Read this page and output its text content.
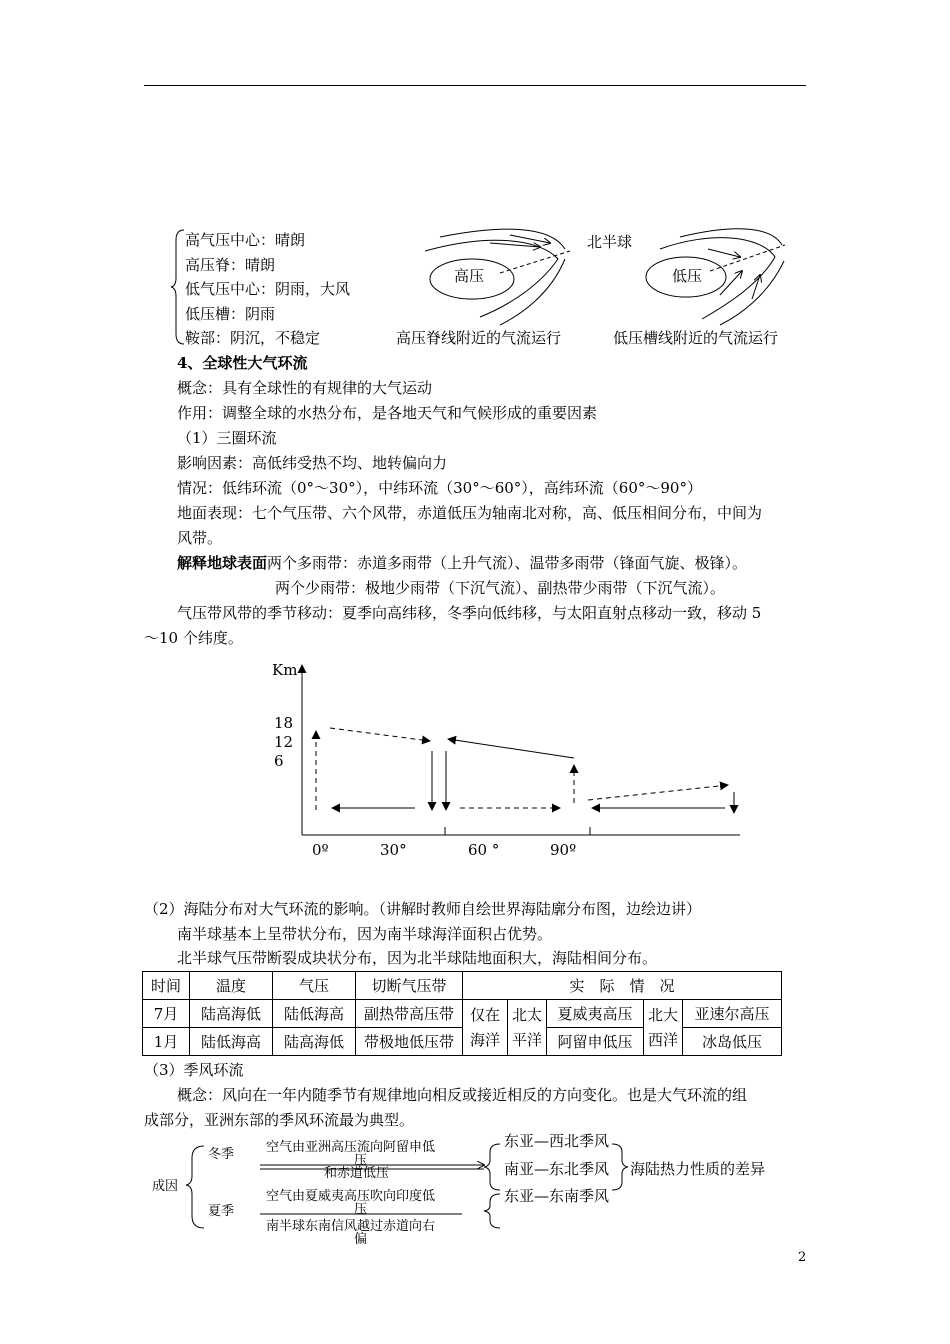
高气压中心：晴朗
高压脊：晴朗
低气压中心：阴雨，大风
低压槽：阴雨
鞍部：阴沉，不稳定
高压
北半球
低压
高压脊线附近的气流运行	低压槽线附近的气流运行
4、全球性大气环流
概念：具有全球性的有规律的大气运动
作用：调整全球的水热分布，是各地天气和气候形成的重要因素
（1）三圈环流
影响因素：高低纬受热不均、地转偏向力
情况：低纬环流（0°～30°），中纬环流（30°～60°），高纬环流（60°～90°）
地面表现：七个气压带、六个风带，赤道低压为轴南北对称，高、低压相间分布，中间为
风带。
解释地球表面两个多雨带：赤道多雨带（上升气流）、温带多雨带（锋面气旋、极锋）。
两个少雨带：极地少雨带（下沉气流）、副热带少雨带（下沉气流）。
气压带风带的季节移动：夏季向高纬移，冬季向低纬移，与太阳直射点移动一致，移动 5
～10 个纬度。
Km
18
12
6
0º	30°	60 °	90º
（2）海陆分布对大气环流的影响。（讲解时教师自绘世界海陆廓分布图，边绘边讲）
南半球基本上呈带状分布，因为南半球海洋面积占优势。
北半球气压带断裂成块状分布，因为北半球陆地面积大，海陆相间分布。
时间	温度	气压	切断气压带	实　际　情　况				
7月	陆高海低	陆低海高	副热带高压带	仅在海洋	北太平洋	夏威夷高压	北大西洋	亚速尔高压
1月	陆低海高	陆高海低	带极地低压带			阿留申低压		冰岛低压
（3）季风环流
概念：风向在一年内随季节有规律地向相反或接近相反的方向变化。也是大气环流的组
成部分，亚洲东部的季风环流最为典型。
成因
冬季
夏季
空气由亚洲高压流向阿留申低
压
和赤道低压
空气由夏威夷高压吹向印度低
压
南半球东南信风越过赤道向右
偏
东亚—西北季风
南亚—东北季风 海陆热力性质的差异
东亚—东南季风
2
